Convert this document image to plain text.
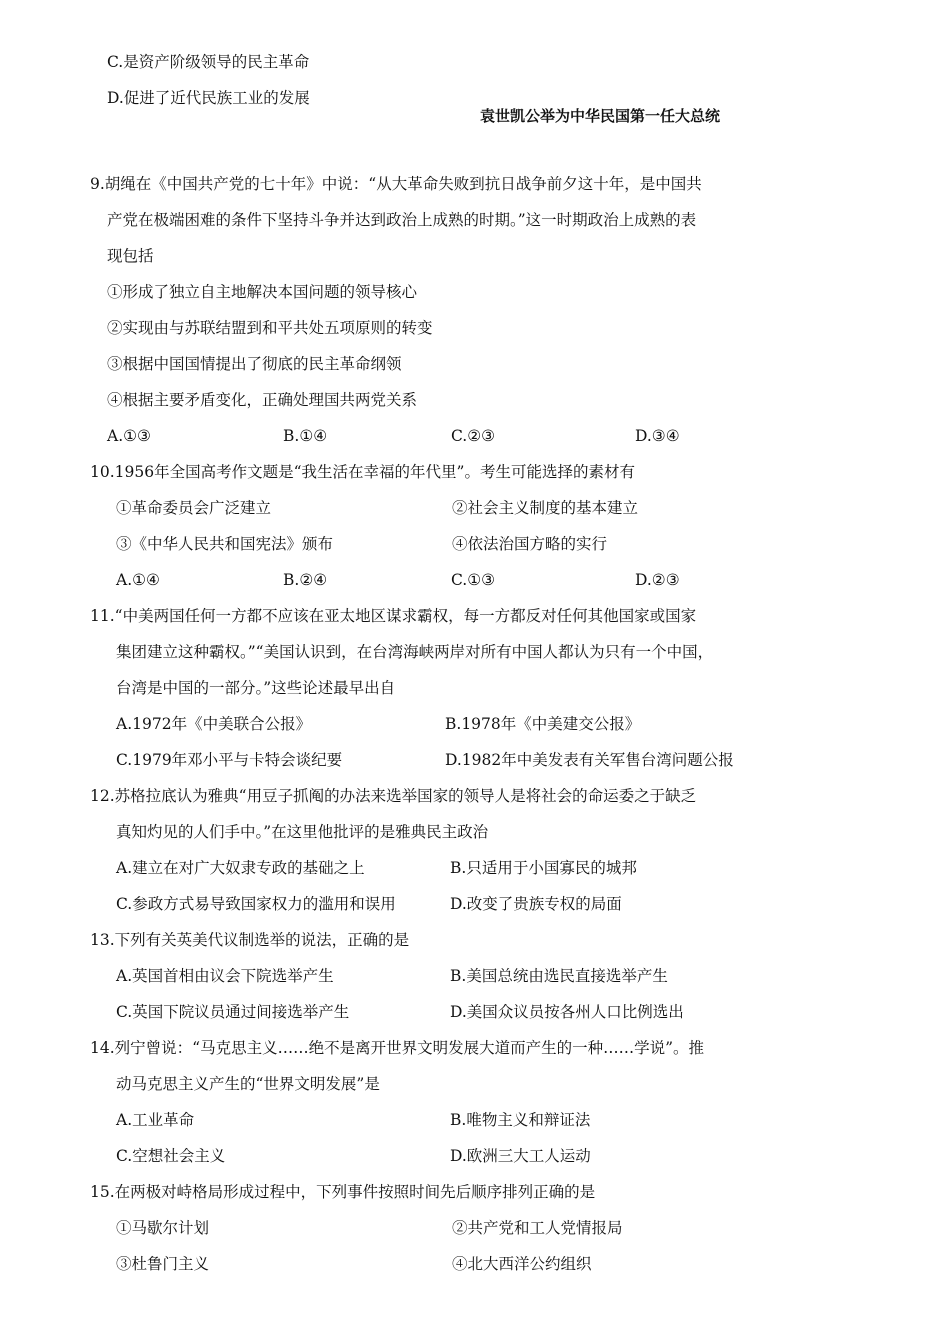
C.是资产阶级领导的民主革命
D.促进了近代民族工业的发展
袁世凯公举为中华民国第一任大总统
9.胡绳在《中国共产党的七十年》中说：“从大革命失败到抗日战争前夕这十年，是中国共
产党在极端困难的条件下坚持斗争并达到政治上成熟的时期。”这一时期政治上成熟的表
现包括
①形成了独立自主地解决本国问题的领导核心
②实现由与苏联结盟到和平共处五项原则的转变
③根据中国国情提出了彻底的民主革命纲领
④根据主要矛盾变化，正确处理国共两党关系
A.①③	B.①④	C.②③	D.③④
10.1956年全国高考作文题是“我生活在幸福的年代里”。考生可能选择的素材有
①革命委员会广泛建立	②社会主义制度的基本建立
③《中华人民共和国宪法》颁布	④依法治国方略的实行
A.①④	B.②④	C.①③	D.②③
11.“中美两国任何一方都不应该在亚太地区谋求霸权，每一方都反对任何其他国家或国家
集团建立这种霸权。”“美国认识到，在台湾海峡两岸对所有中国人都认为只有一个中国，
台湾是中国的一部分。”这些论述最早出自
A.1972年《中美联合公报》	B.1978年《中美建交公报》
C.1979年邓小平与卡特会谈纪要	D.1982年中美发表有关军售台湾问题公报
12.苏格拉底认为雅典“用豆子抓阄的办法来选举国家的领导人是将社会的命运委之于缺乏
真知灼见的人们手中。”在这里他批评的是雅典民主政治
A.建立在对广大奴隶专政的基础之上	B.只适用于小国寡民的城邦
C.参政方式易导致国家权力的滥用和误用	D.改变了贵族专权的局面
13.下列有关英美代议制选举的说法，正确的是
A.英国首相由议会下院选举产生	B.美国总统由选民直接选举产生
C.英国下院议员通过间接选举产生	D.美国众议员按各州人口比例选出
14.列宁曾说：“马克思主义……绝不是离开世界文明发展大道而产生的一种……学说”。推
动马克思主义产生的“世界文明发展”是
A.工业革命	B.唯物主义和辩证法
C.空想社会主义	D.欧洲三大工人运动
15.在两极对峙格局形成过程中，下列事件按照时间先后顺序排列正确的是
①马歇尔计划	②共产党和工人党情报局
③杜鲁门主义	④北大西洋公约组织
